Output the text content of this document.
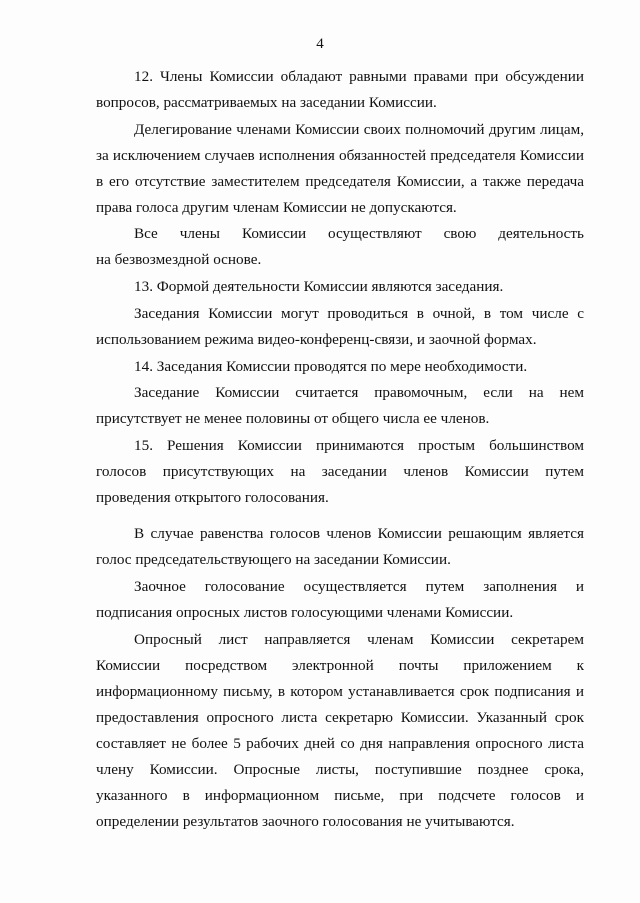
4

12. Члены Комиссии обладают равными правами при обсуждении вопросов, рассматриваемых на заседании Комиссии.

Делегирование членами Комиссии своих полномочий другим лицам, за исключением случаев исполнения обязанностей председателя Комиссии в его отсутствие заместителем председателя Комиссии, а также передача права голоса другим членам Комиссии не допускаются.

Все члены Комиссии осуществляют свою деятельность

на безвозмездной основе.

13. Формой деятельности Комиссии являются заседания.

Заседания Комиссии могут проводиться в очной, в том числе с использованием режима видео-конференц-связи, и заочной формах.

14. Заседания Комиссии проводятся по мере необходимости.

Заседание Комиссии считается правомочным, если на нем

присутствует не менее половины от общего числа ее членов.

15. Решения Комиссии принимаются простым большинством голосов присутствующих на заседании членов Комиссии путем проведения открытого голосования.

В случае равенства голосов членов Комиссии решающим является голос председательствующего на заседании Комиссии.

Заочное голосование осуществляется путем заполнения и подписания опросных листов голосующими членами Комиссии.

Опросный лист направляется членам Комиссии секретарем Комиссии посредством электронной почты приложением к информационному письму, в котором устанавливается срок подписания и предоставления опросного листа секретарю Комиссии. Указанный срок составляет не более 5 рабочих дней со дня направления опросного листа члену Комиссии. Опросные листы, поступившие позднее срока, указанного в информационном письме, при подсчете голосов и определении результатов заочного голосования не учитываются.
